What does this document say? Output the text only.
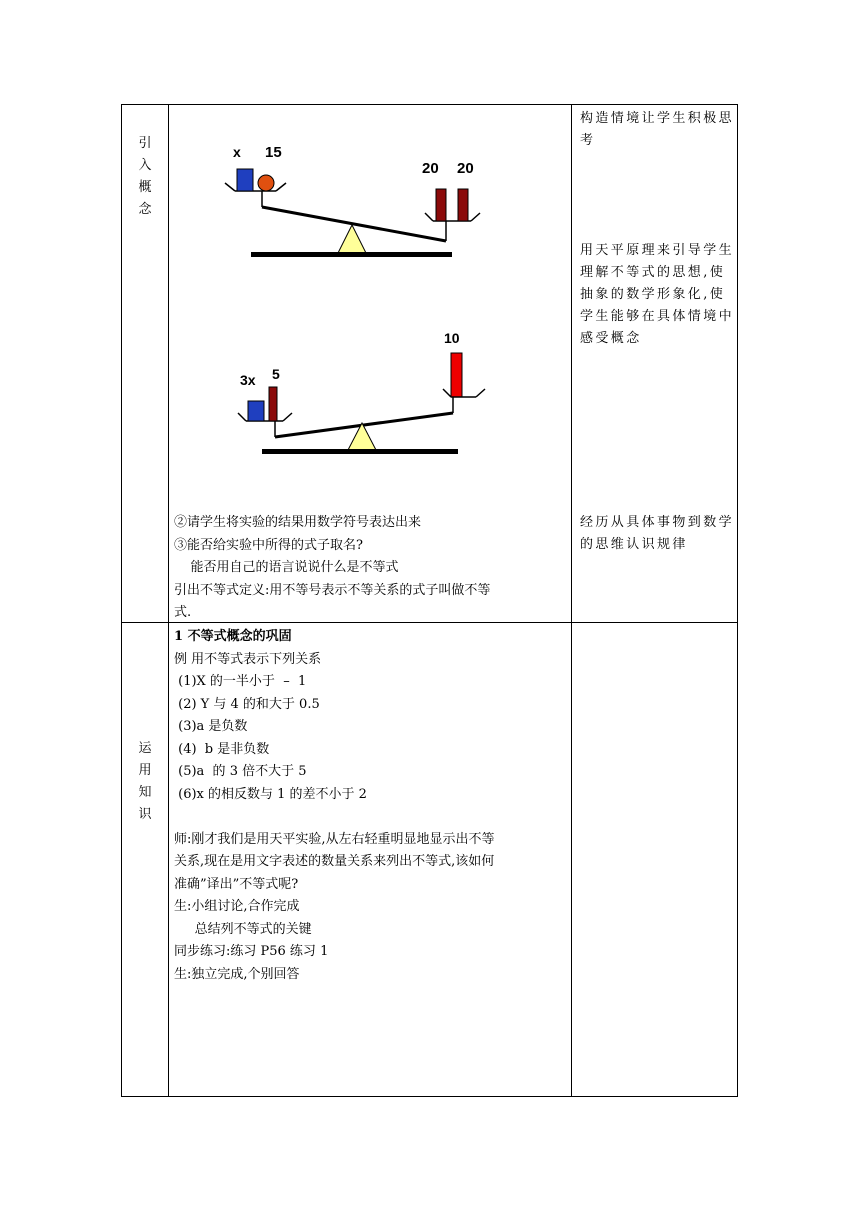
引
入
概
念
x 15
20 20
10
3x 5
②请学生将实验的结果用数学符号表达出来
③能否给实验中所得的式子取名?
能否用自己的语言说说什么是不等式
引出不等式定义:用不等号表示不等关系的式子叫做不等
式.
构造情境让学生积极思考
用天平原理来引导学生理解不等式的思想,使抽象的数学形象化,使学生能够在具体情境中感受概念
经历从具体事物到数学的思维认识规律
运
用
知
识
1 不等式概念的巩固
例 用不等式表示下列关系
(1)X 的一半小于  –  1
(2) Y 与 4 的和大于 0.5
(3)a 是负数
(4)  b 是非负数
(5)a  的 3 倍不大于 5
(6)x 的相反数与 1 的差不小于 2
师:刚才我们是用天平实验,从左右轻重明显地显示出不等
关系,现在是用文字表述的数量关系来列出不等式,该如何
准确”译出”不等式呢?
生:小组讨论,合作完成
总结列不等式的关键
同步练习:练习 P56 练习 1
生:独立完成,个别回答
